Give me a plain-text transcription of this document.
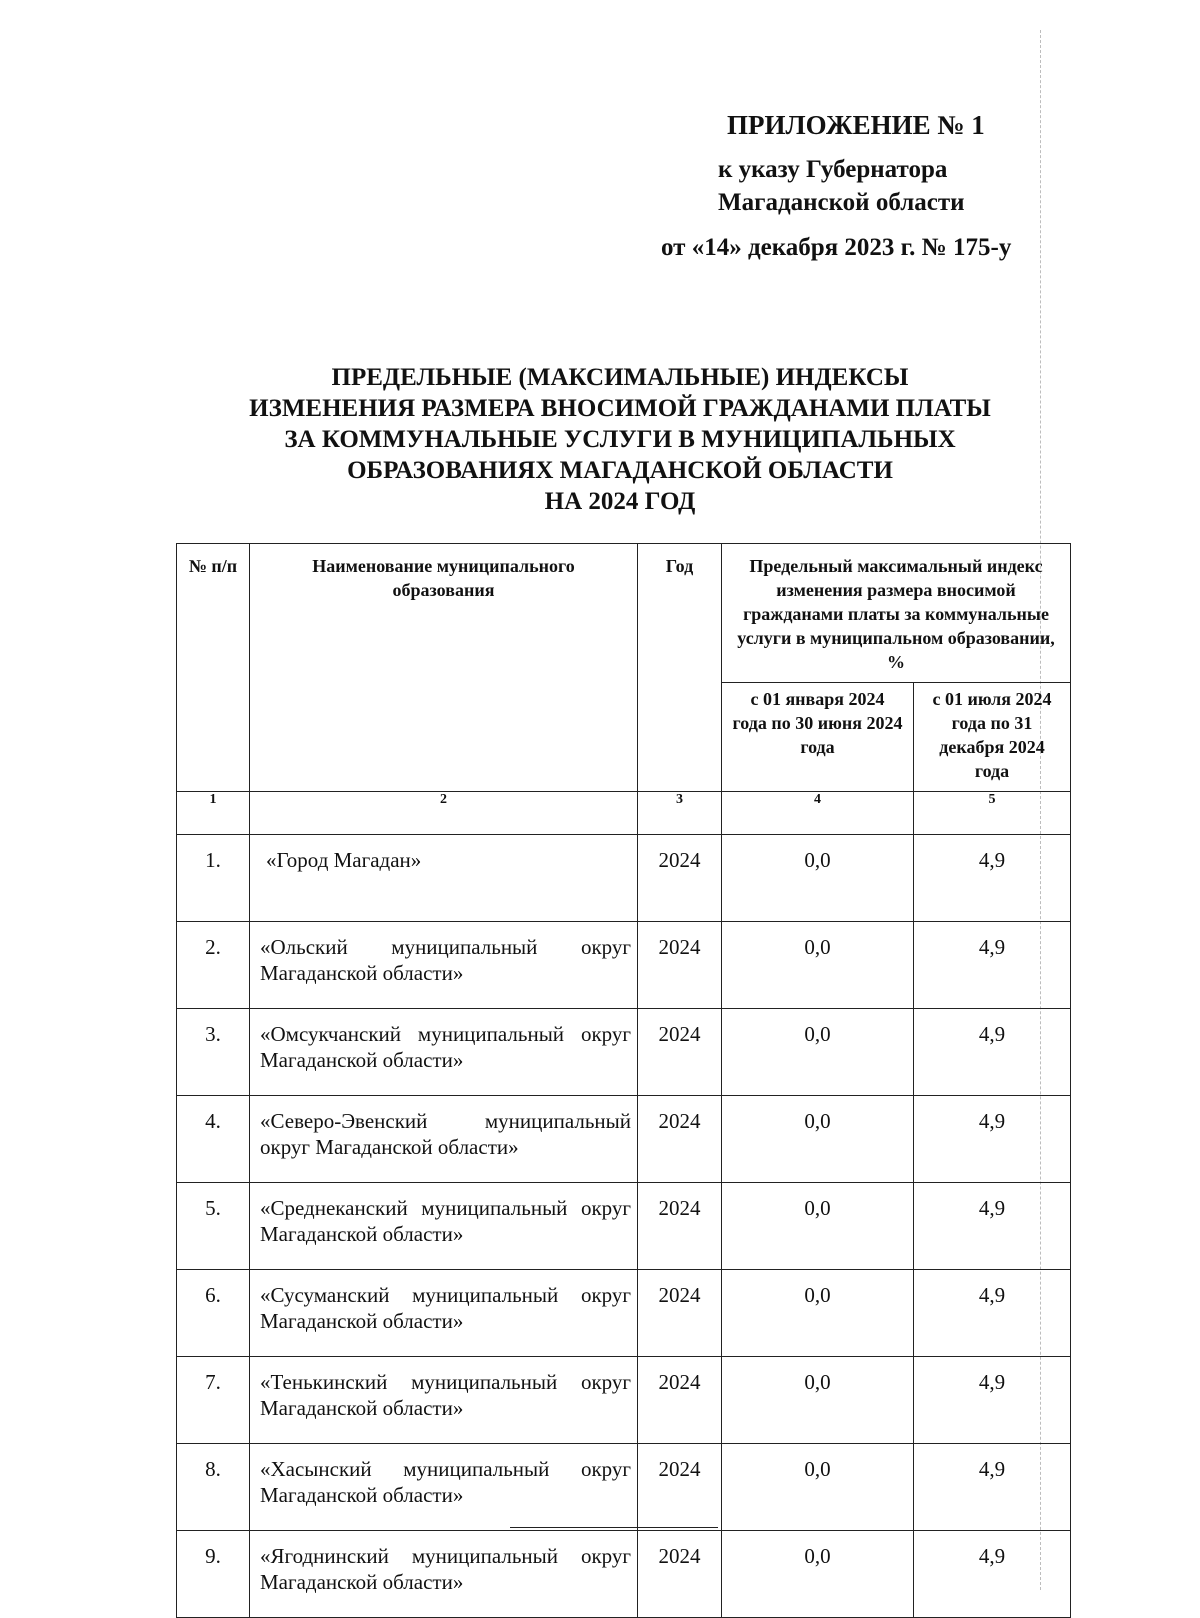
ПРИЛОЖЕНИЕ № 1
к указу Губернатора
Магаданской области
от «14» декабря 2023 г. № 175-у
ПРЕДЕЛЬНЫЕ (МАКСИМАЛЬНЫЕ) ИНДЕКСЫ
ИЗМЕНЕНИЯ РАЗМЕРА ВНОСИМОЙ ГРАЖДАНАМИ ПЛАТЫ
ЗА КОММУНАЛЬНЫЕ УСЛУГИ В МУНИЦИПАЛЬНЫХ
ОБРАЗОВАНИЯХ МАГАДАНСКОЙ ОБЛАСТИ
НА 2024 ГОД
№ п/п	Наименование муниципального образования	Год	Предельный максимальный индекс изменения размера вносимой гражданами платы за коммунальные услуги в муниципальном образовании, %	
			с 01 января 2024 года по 30 июня 2024 года	с 01 июля 2024 года по 31 декабря 2024 года
1	2	3	4	5
1.	«Город Магадан»	2024	0,0	4,9
2.	«Ольский муниципальный округ Магаданской области»	2024	0,0	4,9
3.	«Омсукчанский муниципальный округ Магаданской области»	2024	0,0	4,9
4.	«Северо-Эвенский муниципальный округ Магаданской области»	2024	0,0	4,9
5.	«Среднеканский муниципальный округ Магаданской области»	2024	0,0	4,9
6.	«Сусуманский муниципальный округ Магаданской области»	2024	0,0	4,9
7.	«Тенькинский муниципальный округ Магаданской области»	2024	0,0	4,9
8.	«Хасынский муниципальный округ Магаданской области»	2024	0,0	4,9
9.	«Ягоднинский муниципальный округ Магаданской области»	2024	0,0	4,9
